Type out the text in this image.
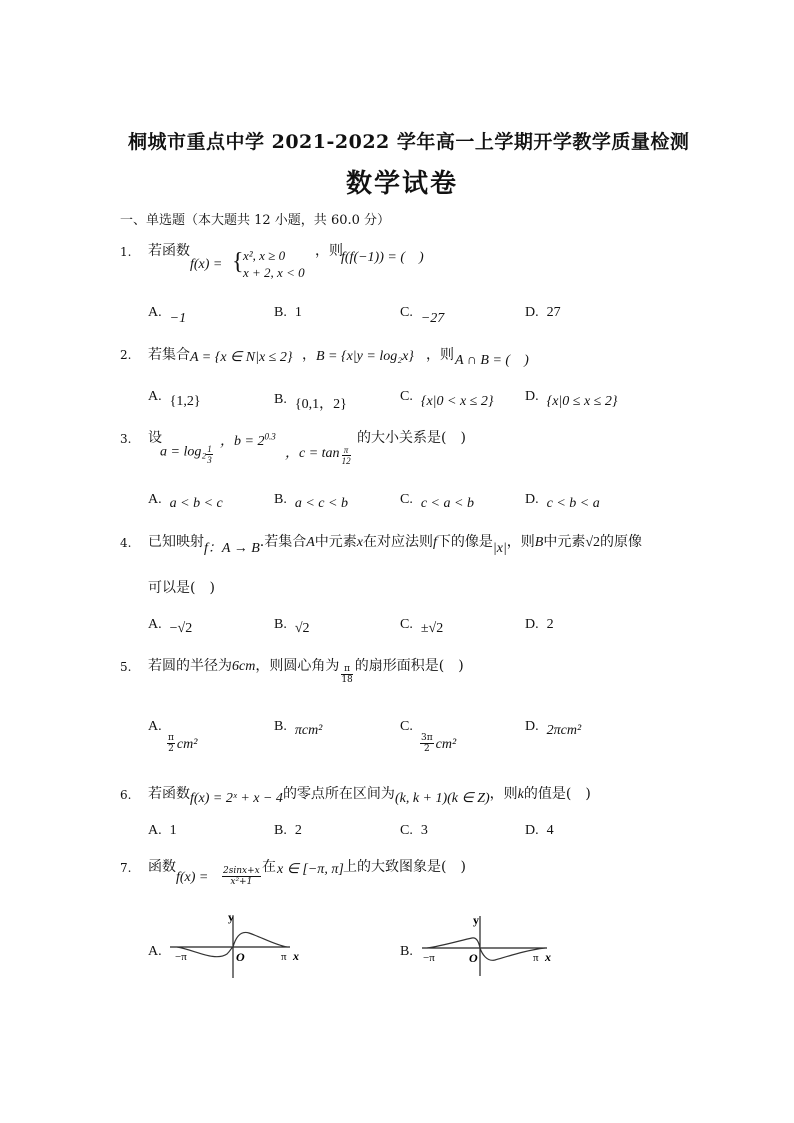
桐城市重点中学 2021-2022 学年高一上学期开学教学质量检测
数学试卷
一、单选题（本大题共 12 小题，共 60.0 分）
1. 若函数
f(x) = { x², x ≥ 0
x + 2, x < 0
，则
f(f(−1)) = (　)
A. −1	B. 1	C. −27	D. 27
2. 若集合 A = {x ∈ N|x ≤ 2} ， B = {x|y = log₂x} ，则 A ∩ B = (　)
A. {1,2}	B. {0,1，2}
C. {x|0 < x ≤ 2} D. {x|0 ≤ x ≤ 2}
3. 设
$a = \log_2 \frac{1}{3}$
，$b = 2^{0.3}$
，$c = \tan \frac{\pi}{12}$
的大小关系是(　)
A. a < b < c	B. a < c < b	C. c < a < b	D. c < b < a
4. 已知映射f：A → B.若集合A中元素x在对应法则f下的像是|x|，则B中元素√2的原像
可以是(　)
A. −√2	B. √2	C. ±√2	D. 2
5. 若圆的半径为6cm，则圆心角为 $\frac{\pi}{18}$ 的扇形面积是(　)
A.
$\frac{\pi}{2} cm^2$
B. πcm²	C.
$\frac{3\pi}{2} cm^2$
D. 2πcm²
6. 若函数f(x) = 2ˣ + x − 4的零点所在区间为(k, k + 1)(k ∈ Z)，则k的值是(　)
A. 1	B. 2	C. 3	D. 4
7. 函数
$f(x) = \frac{2\sin x+x}{\text{x²+1}}$ 在 x ∈ [−π, π] 上的大致图象是(　)
A.
y
O
−π	π x	B.
y
O
−π	π x
